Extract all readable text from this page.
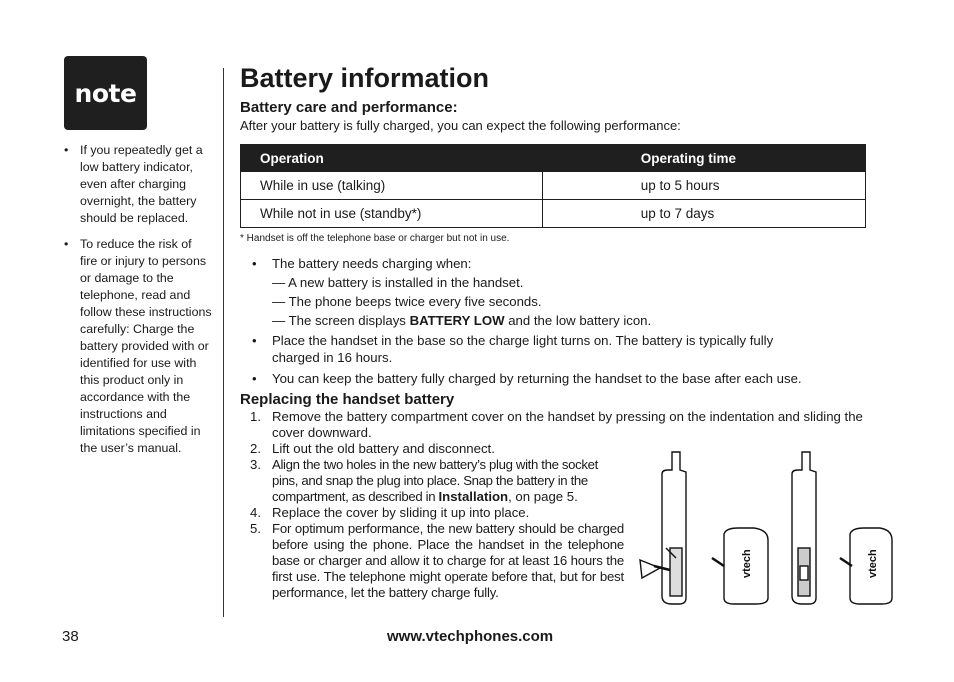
note
• If you repeatedly get a low battery indicator, even after charging overnight, the battery should be replaced.
• To reduce the risk of fire or injury to persons or damage to the telephone, read and follow these instructions carefully: Charge the battery provided with or identified for use with this product only in accordance with the instructions and limitations specified in the user’s manual.
Battery information
Battery care and performance:
After your battery is fully charged, you can expect the following performance:
Operation	Operating time
While in use (talking)	up to 5 hours
While not in use (standby*)	up to 7 days
* Handset is off the telephone base or charger but not in use.
• The battery needs charging when:
— A new battery is installed in the handset.
— The phone beeps twice every five seconds.
— The screen displays BATTERY LOW and the low battery icon.
• Place the handset in the base so the charge light turns on. The battery is typically fully charged in 16 hours.
• You can keep the battery fully charged by returning the handset to the base after each use.
Replacing the handset battery
1. Remove the battery compartment cover on the handset by pressing on the indentation and sliding the cover downward.
2. Lift out the old battery and disconnect.
3. Align the two holes in the new battery’s plug with the socket pins, and snap the plug into place. Snap the battery in the compartment, as described in Installation, on page 5.
4. Replace the cover by sliding it up into place.
5. For optimum performance, the new battery should be charged before using the phone. Place the handset in the telephone base or charger and allow it to charge for at least 16 hours the first use. The telephone might operate before that, but for best performance, let the battery charge fully.
vtech	vtech
38	www.vtechphones.com
